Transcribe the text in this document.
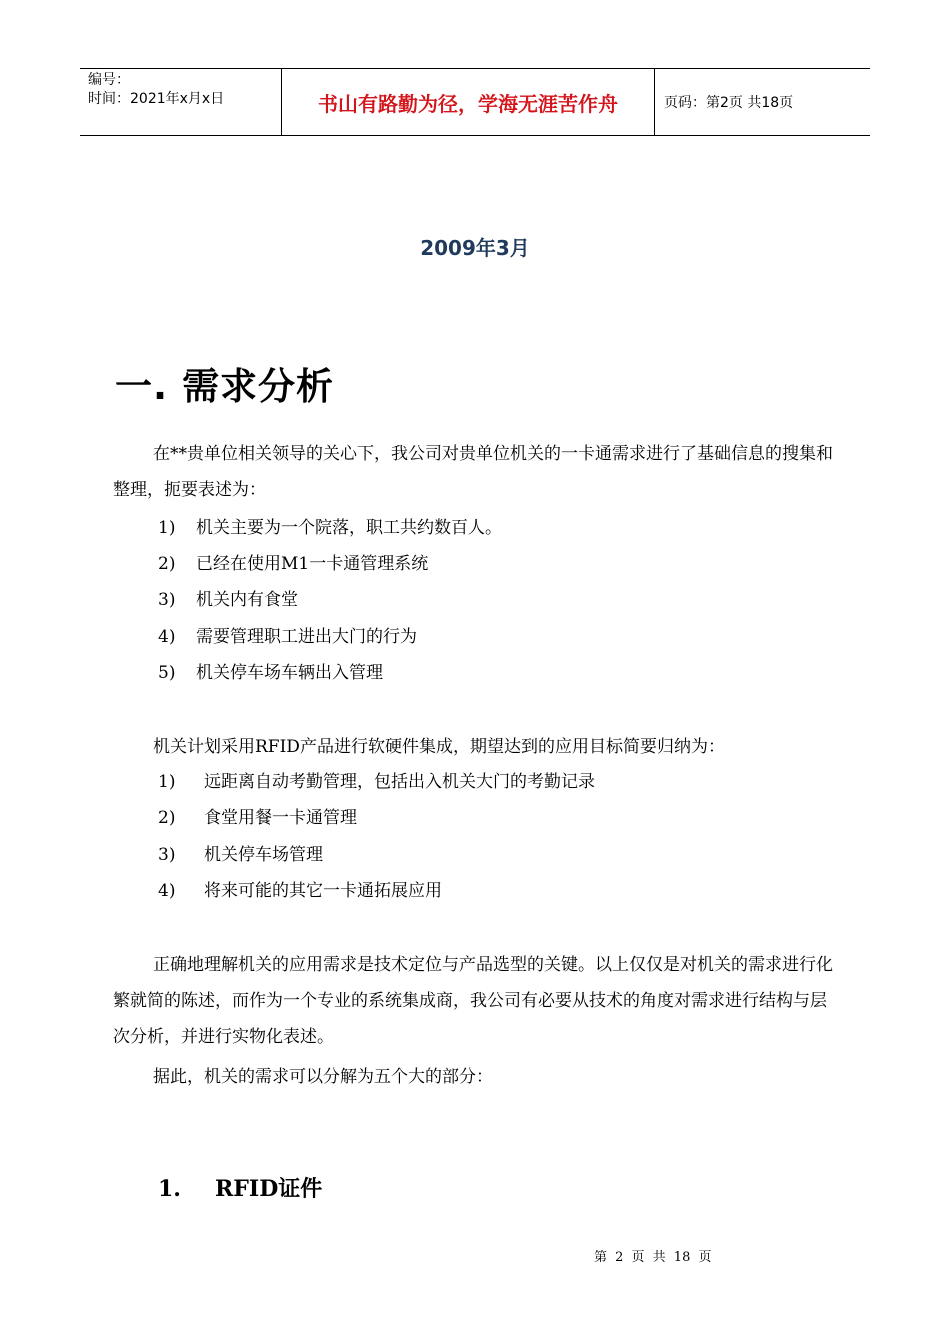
编号：
时间：2021年x月x日	书山有路勤为径，学海无涯苦作舟	页码：第2页 共18页
2009年3月
一. 需求分析
在**贵单位相关领导的关心下，我公司对贵单位机关的一卡通需求进行了基础信息的搜集和整理，扼要表述为：
1) 机关主要为一个院落，职工共约数百人。
2) 已经在使用M1一卡通管理系统
3) 机关内有食堂
4) 需要管理职工进出大门的行为
5) 机关停车场车辆出入管理
机关计划采用RFID产品进行软硬件集成，期望达到的应用目标简要归纳为：
1) 远距离自动考勤管理，包括出入机关大门的考勤记录
2) 食堂用餐一卡通管理
3) 机关停车场管理
4) 将来可能的其它一卡通拓展应用
正确地理解机关的应用需求是技术定位与产品选型的关键。以上仅仅是对机关的需求进行化繁就简的陈述，而作为一个专业的系统集成商，我公司有必要从技术的角度对需求进行结构与层次分析，并进行实物化表述。
据此，机关的需求可以分解为五个大的部分：
1. RFID证件
第 2 页 共 18 页
